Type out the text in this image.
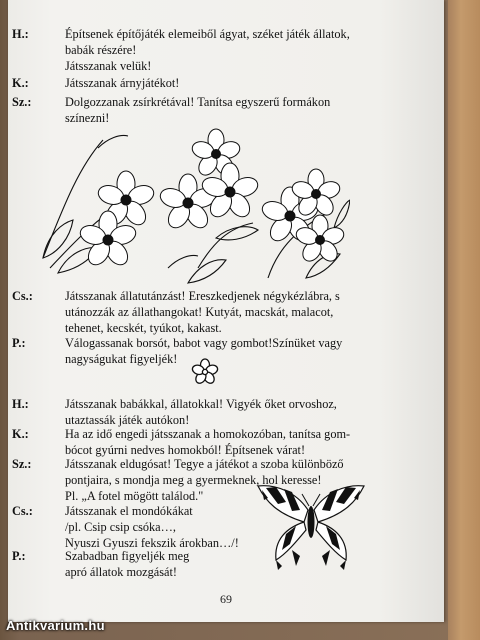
H.:	Építsenek építőjáték elemeiből ágyat, széket játék állatok,
babák részére!
Játsszanak velük!
K.:	Játsszanak árnyjátékot!
Sz.:	Dolgozzanak zsírkrétával! Tanítsa egyszerű formákon
színezni!
Cs.:	Játsszanak állatutánzást! Ereszkedjenek négykézlábra, s
utánozzák az állathangokat! Kutyát, macskát, malacot,
tehenet, kecskét, tyúkot, kakast.
P.:	Válogassanak borsót, babot vagy gombot!Színüket vagy
nagyságukat figyeljék!
H.:	Játsszanak babákkal, állatokkal! Vigyék őket orvoshoz,
utaztassák játék autókon!
K.:	Ha az idő engedi játsszanak a homokozóban, tanítsa gom-
bócot gyúrni nedves homokból! Építsenek várat!
Sz.:	Játsszanak eldugósat! Tegye a játékot a szoba különböző
pontjaira, s mondja meg a gyermeknek, hol keresse!
Pl. „A fotel mögött találod."
Cs.:	Játsszanak el mondókákat
/pl. Csip csip csóka…,
Nyuszi Gyuszi fekszik árokban…/!
P.:	Szabadban figyeljék meg
apró állatok mozgását!
69
Antikvarium.hu
